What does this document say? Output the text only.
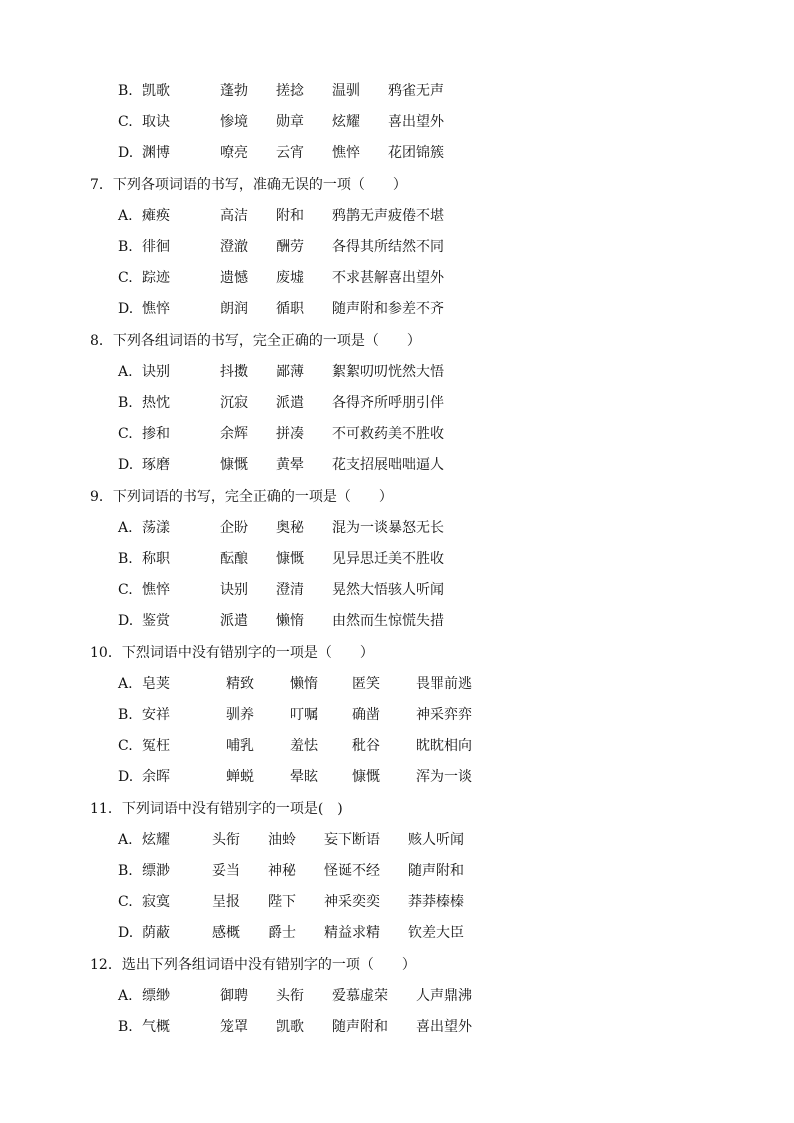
B. 凯歌	蓬勃 搓捻 温驯 鸦雀无声
C. 取诀	惨境 勋章 炫耀 喜出望外
D. 渊博	嘹亮 云宵 憔悴 花团锦簇
7．下列各项词语的书写，准确无误的一项（　　）
A. 瘫痪	高洁 附和 鸦鹊无声 疲倦不堪
B. 徘徊	澄澈 酬劳 各得其所 结然不同
C. 踪迹	遗憾 废墟 不求甚解 喜出望外
D. 憔悴	朗润 循职 随声附和 参差不齐
8．下列各组词语的书写，完全正确的一项是（　　）
A. 诀别	抖擞 鄙薄 絮絮叨叨 恍然大悟
B. 热忱	沉寂 派遣 各得齐所 呼朋引伴
C. 掺和	余辉 拼凑 不可救药 美不胜收
D. 琢磨	慷慨 黄晕 花支招展 咄咄逼人
9．下列词语的书写，完全正确的一项是（　　）
A. 荡漾	企盼 奥秘 混为一谈 暴怒无长
B. 称职	酝酿 慷慨 见异思迁 美不胜收
C. 憔悴	诀别 澄清 晃然大悟 骇人听闻
D. 鉴赏	派遣 懒惰 由然而生 惊慌失措
10．下烈词语中没有错别字的一项是（　　）
A. 皂荚	精致	懒惰 匿笑	畏罪前逃
B. 安祥	驯养	叮嘱 确凿	神采弈弈
C. 冤枉	哺乳	羞怯 秕谷	眈眈相向
D. 余晖	蝉蜕	晕眩 慷慨	浑为一谈
11．下列词语中没有错别字的一项是(　)
A. 炫耀	头衔 油蛉 妄下断语 赅人听闻
B. 缥渺	妥当 神秘 怪诞不经 随声附和
C. 寂寞	呈报 陛下 神采奕奕 莽莽榛榛
D. 荫蔽	感概 爵士 精益求精 钦差大臣
12．选出下列各组词语中没有错别字的一项（　　）
A. 缥缈	御聘 头衔 爱慕虚荣 人声鼎沸
B. 气概	笼罩 凯歌 随声附和 喜出望外
